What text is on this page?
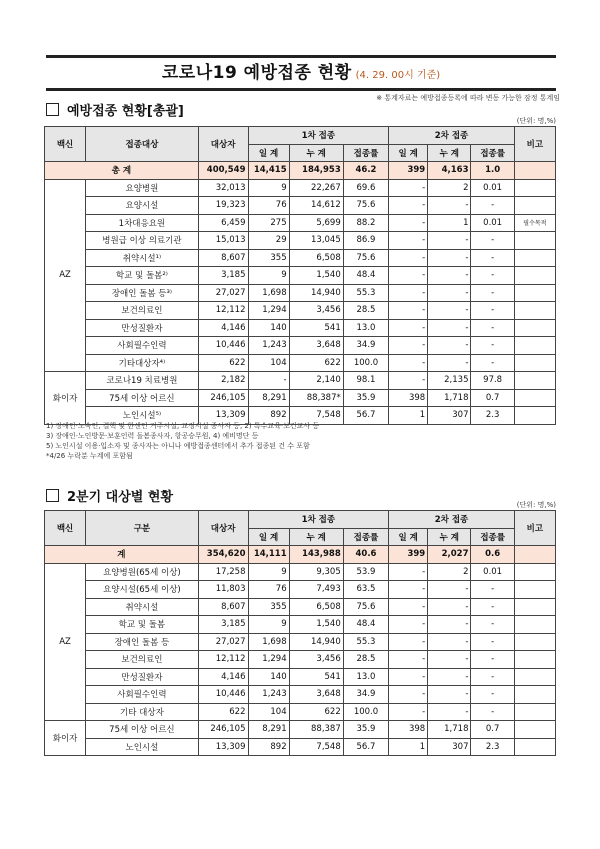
코로나19 예방접종 현황 (4. 29. 00시 기준)
※ 통계자료는 예방접종등록에 따라 변동 가능한 잠정 통계임
예방접종 현황[총괄]
(단위: 명,%)
백신	접종대상	대상자	1차 접종			2차 접종			비고
			일 계	누 계	접종률	일 계	누 계	접종률	
총 계		400,549	14,415	184,953	46.2	399	4,163	1.0	
AZ	요양병원	32,013	9	22,267	69.6	-	2	0.01	
	요양시설	19,323	76	14,612	75.6	-	-	-	
	1차대응요원	6,459	275	5,699	88.2	-	1	0.01	필수목적
	병원급 이상 의료기관	15,013	29	13,045	86.9	-	-	-	
	취약시설¹⁾	8,607	355	6,508	75.6	-	-	-	
	학교 및 돌봄²⁾	3,185	9	1,540	48.4	-	-	-	
	장애인 돌봄 등³⁾	27,027	1,698	14,940	55.3	-	-	-	
	보건의료인	12,112	1,294	3,456	28.5	-	-	-	
	만성질환자	4,146	140	541	13.0	-	-	-	
	사회필수인력	10,446	1,243	3,648	34.9	-	-	-	
	기타대상자⁴⁾	622	104	622	100.0	-	-	-	
화이자	코로나19 치료병원	2,182	-	2,140	98.1	-	2,135	97.8	
	75세 이상 어르신	246,105	8,291	88,387*	35.9	398	1,718	0.7	
	노인시설⁵⁾	13,309	892	7,548	56.7	1	307	2.3	
1) 장애인·노숙인, 결핵 및 한센인 거주시설, 교정시설 종사자 등, 2) 특수교육·보건교사 등
3) 장애인·노인방문·보훈인력 돌봄종사자, 항공승무원, 4) 예비명단 등
5) 노인시설 이용·입소자 및 종사자는 아니나 예방접종센터에서 추가 접종된 건 수 포함
*4/26 누락분 누계에 포함됨
2분기 대상별 현황	(단위: 명,%)
백신	구분	대상자	1차 접종			2차 접종			비고
			일 계	누 계	접종률	일 계	누 계	접종률	
계		354,620	14,111	143,988	40.6	399	2,027	0.6	
AZ	요양병원(65세 이상)	17,258	9	9,305	53.9	-	2	0.01	
	요양시설(65세 이상)	11,803	76	7,493	63.5	-	-	-	
	취약시설	8,607	355	6,508	75.6	-	-	-	
	학교 및 돌봄	3,185	9	1,540	48.4	-	-	-	
	장애인 돌봄 등	27,027	1,698	14,940	55.3	-	-	-	
	보건의료인	12,112	1,294	3,456	28.5	-	-	-	
	만성질환자	4,146	140	541	13.0	-	-	-	
	사회필수인력	10,446	1,243	3,648	34.9	-	-	-	
	기타 대상자	622	104	622	100.0	-	-	-	
화이자	75세 이상 어르신	246,105	8,291	88,387	35.9	398	1,718	0.7	
	노인시설	13,309	892	7,548	56.7	1	307	2.3	
